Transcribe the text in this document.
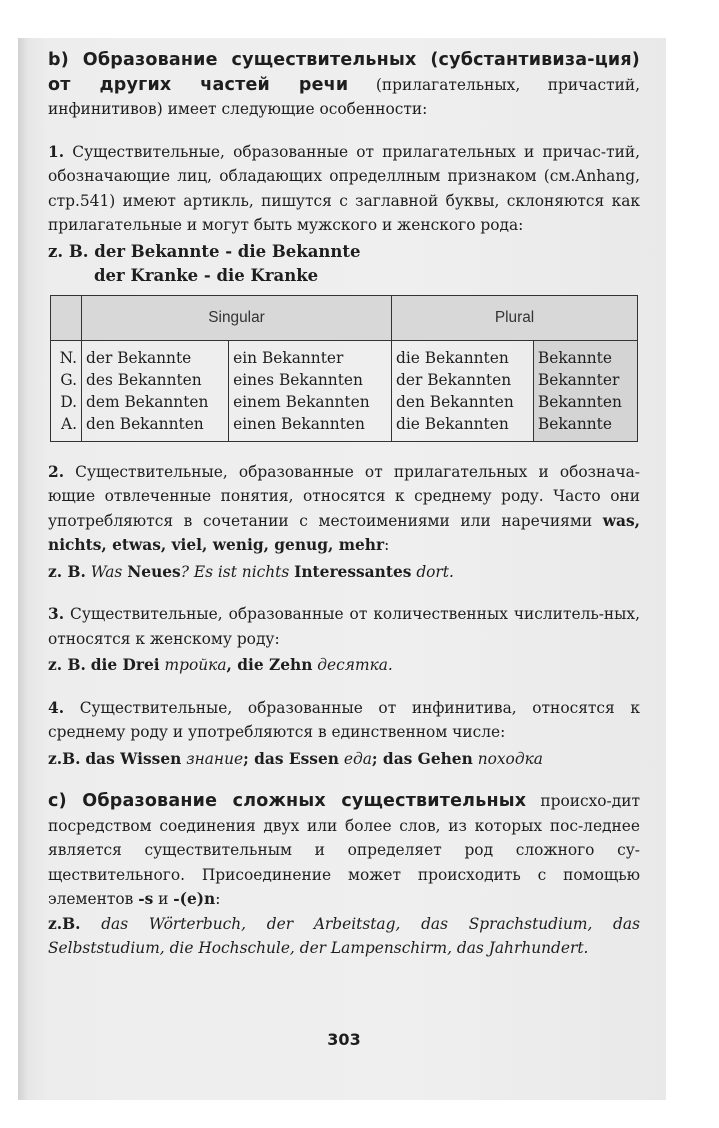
b) Образование существительных (субстантивиза-ция) от других частей речи (прилагательных, причастий, инфинитивов) имеет следующие особенности:

1. Существительные, образованные от прилагательных и причас-тий, обозначающие лиц, обладающих определлным признаком (см.Anhang, стр.541) имеют артикль, пишутся с заглавной буквы, склоняются как прилагательные и могут быть мужского и женского рода:

z. B. der Bekannte - die Bekannte
der Kranke - die Kranke
	Singular		Plural	
N.	der Bekannte	ein Bekannter	die Bekannten	Bekannte
G.	des Bekannten	eines Bekannten	der Bekannten	Bekannter
D.	dem Bekannten	einem Bekannten	den Bekannten	Bekannten
A.	den Bekannten	einen Bekannten	die Bekannten	Bekannte

2. Существительные, образованные от прилагательных и обознача-ющие отвлеченные понятия, относятся к среднему роду. Часто они употребляются в сочетании с местоимениями или наречиями was, nichts, etwas, viel, wenig, genug, mehr:

z. B. Was Neues? Es ist nichts Interessantes dort.

3. Существительные, образованные от количественных числитель-ных, относятся к женскому роду:

z. B. die Drei тройка, die Zehn десятка.

4. Существительные, образованные от инфинитива, относятся к среднему роду и употребляются в единственном числе:

z.B. das Wissen знание; das Essen еда; das Gehen походка

c) Образование сложных существительных происхо-дит посредством соединения двух или более слов, из которых пос-леднее является существительным и определяет род сложного су-ществительного. Присоединение может происходить с помощью элементов -s и -(e)n:

z.B. das Wörterbuch, der Arbeitstag, das Sprachstudium, das Selbststudium, die Hochschule, der Lampenschirm, das Jahrhundert.

303
